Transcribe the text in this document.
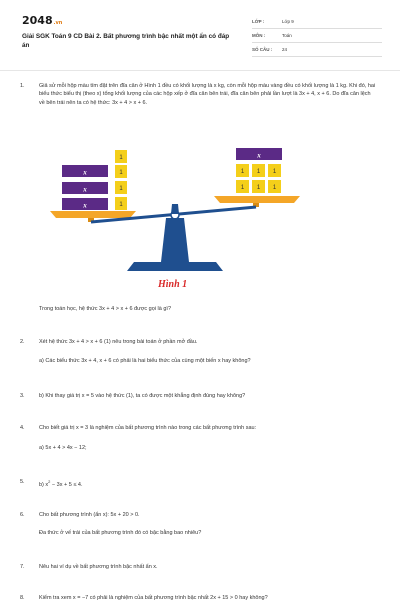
2048.vn
Giải SGK Toán 9 CD Bài 2. Bất phương trình bậc nhất một ẩn có đáp án
LỚP :	Lớp 9
MÔN :	Toán
SỐ CÂU :	24
1.	Giả sử mỗi hộp màu tím đặt trên đĩa cân ở Hình 1 đều có khối lượng là x kg, còn mỗi hộp màu vàng đều có khối lượng là 1 kg. Khi đó, hai biểu thức biểu thị (theo x) tổng khối lượng của các hộp xếp ở đĩa cân bên trái, đĩa cân bên phải lần lượt là 3x + 4, x + 6. Do đĩa cân lệch về bên trái nên ta có hệ thức: 3x + 4 > x + 6.
x
x
x
1
1
1
1
x
1 1 1
1 1 1
Hình 1
Trong toán học, hệ thức 3x + 4 > x + 6 được gọi là gì?
2.	Xét hệ thức 3x + 4 > x + 6 (1) nêu trong bài toán ở phần mở đầu.
a) Các biểu thức 3x + 4, x + 6 có phải là hai biểu thức của cùng một biến x hay không?
3.	b) Khi thay giá trị x = 5 vào hệ thức (1), ta có được một khẳng định đúng hay không?
4.	Cho biết giá trị x = 3 là nghiệm của bất phương trình nào trong các bất phương trình sau:
a) 5x + 4 > 4x − 12;
5.	b) $x^2 - 3x + 5 \le 4$.
6.	Cho bất phương trình (ẩn x): 5x + 20 > 0.
Đa thức ở vế trái của bất phương trình đó có bậc bằng bao nhiêu?
7.	Nêu hai ví dụ về bất phương trình bậc nhất ẩn x.
8.	Kiểm tra xem x = −7 có phải là nghiệm của bất phương trình bậc nhất 2x + 15 > 0 hay không?
